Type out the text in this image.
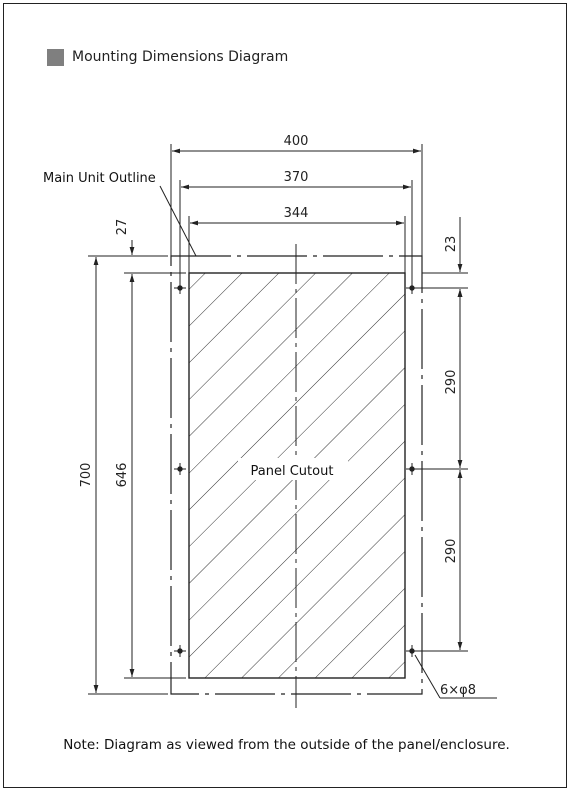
Mounting Dimensions Diagram
400
370
344
Main Unit Outline
700 646
27
23
290
290
Panel Cutout
6×φ8
Note: Diagram as viewed from the outside of the panel/enclosure.
